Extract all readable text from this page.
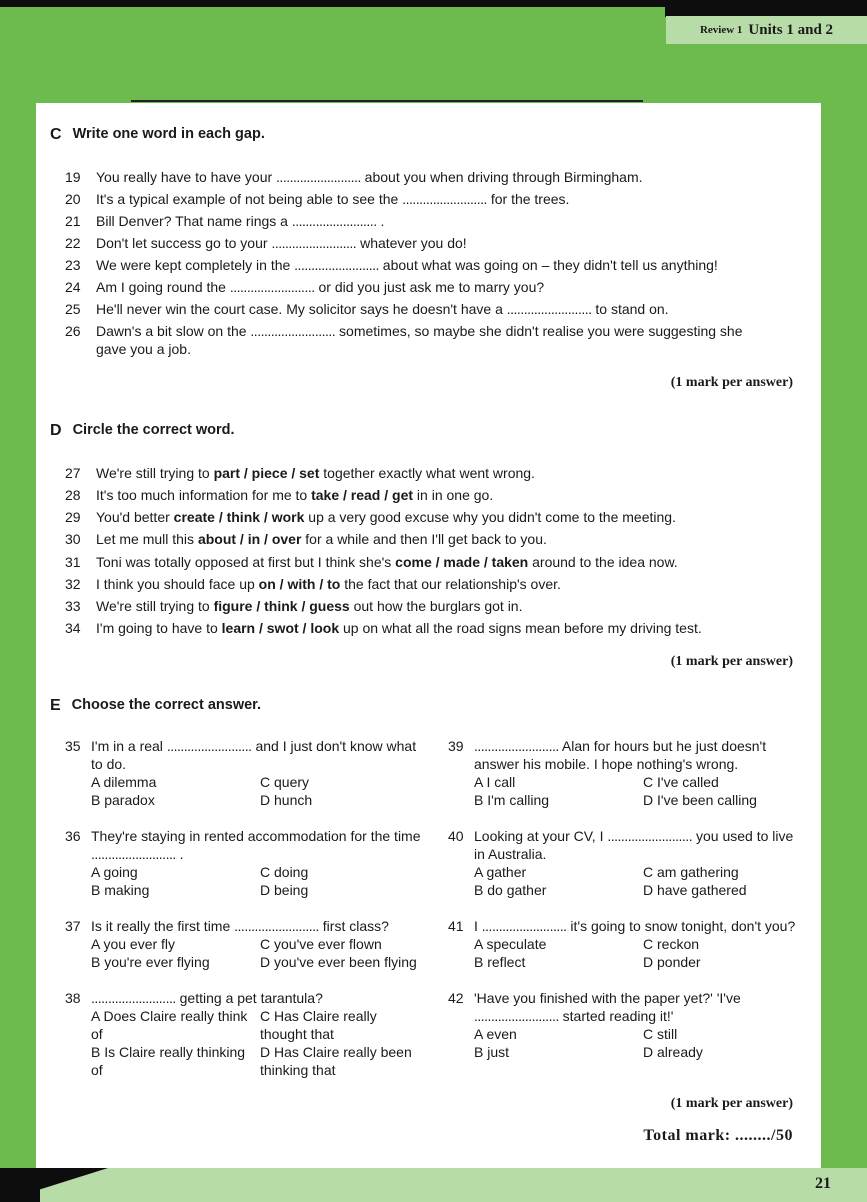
Review 1 Units 1 and 2
C Write one word in each gap.
19	You really have to have your ......................... about you when driving through Birmingham.
20	It's a typical example of not being able to see the ......................... for the trees.
21	Bill Denver? That name rings a ......................... .
22	Don't let success go to your ......................... whatever you do!
23	We were kept completely in the ......................... about what was going on – they didn't tell us anything!
24	Am I going round the ......................... or did you just ask me to marry you?
25	He'll never win the court case. My solicitor says he doesn't have a ......................... to stand on.
26	Dawn's a bit slow on the ......................... sometimes, so maybe she didn't realise you were suggesting she gave you a job.
(1 mark per answer)
D Circle the correct word.
27	We're still trying to part / piece / set together exactly what went wrong.
28	It's too much information for me to take / read / get in in one go.
29	You'd better create / think / work up a very good excuse why you didn't come to the meeting.
30	Let me mull this about / in / over for a while and then I'll get back to you.
31	Toni was totally opposed at first but I think she's come / made / taken around to the idea now.
32	I think you should face up on / with / to the fact that our relationship's over.
33	We're still trying to figure / think / guess out how the burglars got in.
34	I'm going to have to learn / swot / look up on what all the road signs mean before my driving test.
(1 mark per answer)
E Choose the correct answer.
35 I'm in a real ......................... and I just don't know what to do.
A dilemma	C query
B paradox	D hunch
36 They're staying in rented accommodation for the time ......................... .
A going	C doing
B making	D being
37 Is it really the first time ......................... first class?
A you ever fly	C you've ever flown
B you're ever flying	D you've ever been flying
38 ......................... getting a pet tarantula?
A Does Claire really think of
C Has Claire really thought that
B Is Claire really thinking of
D Has Claire really been thinking that
39 ......................... Alan for hours but he just doesn't answer his mobile. I hope nothing's wrong.
A I call	C I've called
B I'm calling	D I've been calling
40 Looking at your CV, I ......................... you used to live in Australia.
A gather	C am gathering
B do gather	D have gathered
41 I ......................... it's going to snow tonight, don't you?
A speculate	C reckon
B reflect	D ponder
42 'Have you finished with the paper yet?' 'I've ......................... started reading it!'
A even	C still
B just	D already
(1 mark per answer)
Total mark: ......../50
21
